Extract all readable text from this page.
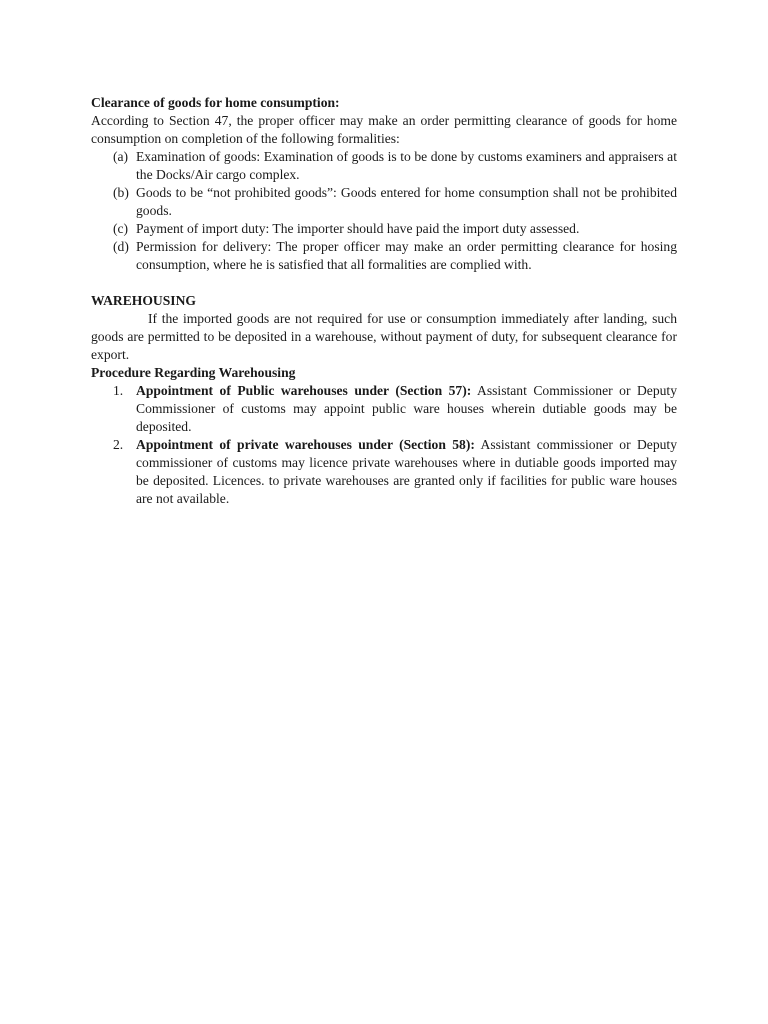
Clearance of goods for home consumption:

According to Section 47, the proper officer may make an order permitting clearance of goods for home consumption on completion of the following formalities:

(a) Examination of goods: Examination of goods is to be done by customs examiners and appraisers at the Docks/Air cargo complex.
(b) Goods to be “not prohibited goods”: Goods entered for home consumption shall not be prohibited goods.
(c) Payment of import duty: The importer should have paid the import duty assessed.
(d) Permission for delivery: The proper officer may make an order permitting clearance for hosing consumption, where he is satisfied that all formalities are complied with.

WAREHOUSING

If the imported goods are not required for use or consumption immediately after landing, such goods are permitted to be deposited in a warehouse, without payment of duty, for subsequent clearance for export.

Procedure Regarding Warehousing

1. Appointment of Public warehouses under (Section 57): Assistant Commissioner or Deputy Commissioner of customs may appoint public ware houses wherein dutiable goods may be deposited.
2. Appointment of private warehouses under (Section 58): Assistant commissioner or Deputy commissioner of customs may licence private warehouses where in dutiable goods imported may be deposited. Licences. to private warehouses are granted only if facilities for public ware houses are not available.
